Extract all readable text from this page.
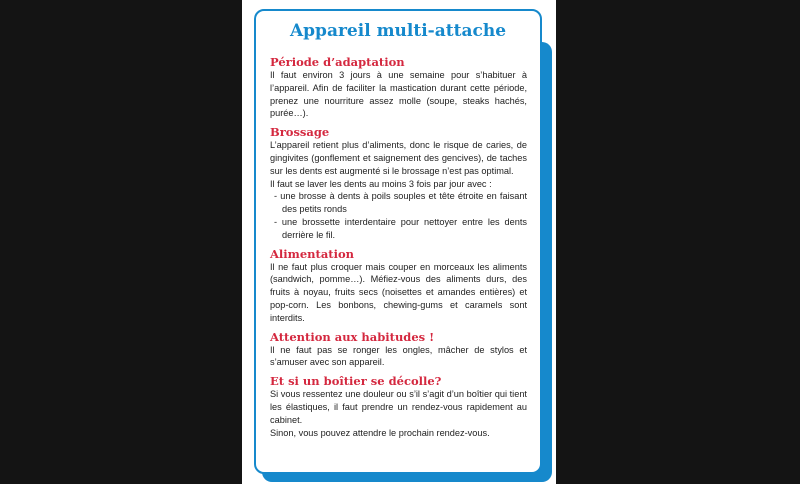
Appareil multi-attache
Période d’adaptation

Il faut environ 3 jours à une semaine pour s’habituer à l’appareil. Afin de faciliter la mastication durant cette période, prenez une nourriture assez molle (soupe, steaks hachés, purée…).

Brossage

L’appareil retient plus d’aliments, donc le risque de caries, de gingivites (gonflement et saignement des gencives), de taches sur les dents est augmenté si le brossage n’est pas optimal.

Il faut se laver les dents au moins 3 fois par jour avec :

- une brosse à dents à poils souples et tête étroite en faisant des petits ronds
- une brossette interdentaire pour nettoyer entre les dents derrière le fil.
Alimentation

Il ne faut plus croquer mais couper en morceaux les aliments (sandwich, pomme…). Méfiez-vous des aliments durs, des fruits à noyau, fruits secs (noisettes et amandes entières) et pop-corn. Les bonbons, chewing-gums et caramels sont interdits.

Attention aux habitudes !

Il ne faut pas se ronger les ongles, mâcher de stylos et s’amuser avec son appareil.

Et si un boîtier se décolle?

Si vous ressentez une douleur ou s’il s’agit d’un boîtier qui tient les élastiques, il faut prendre un rendez-vous rapidement au cabinet.

Sinon, vous pouvez attendre le prochain rendez-vous.
